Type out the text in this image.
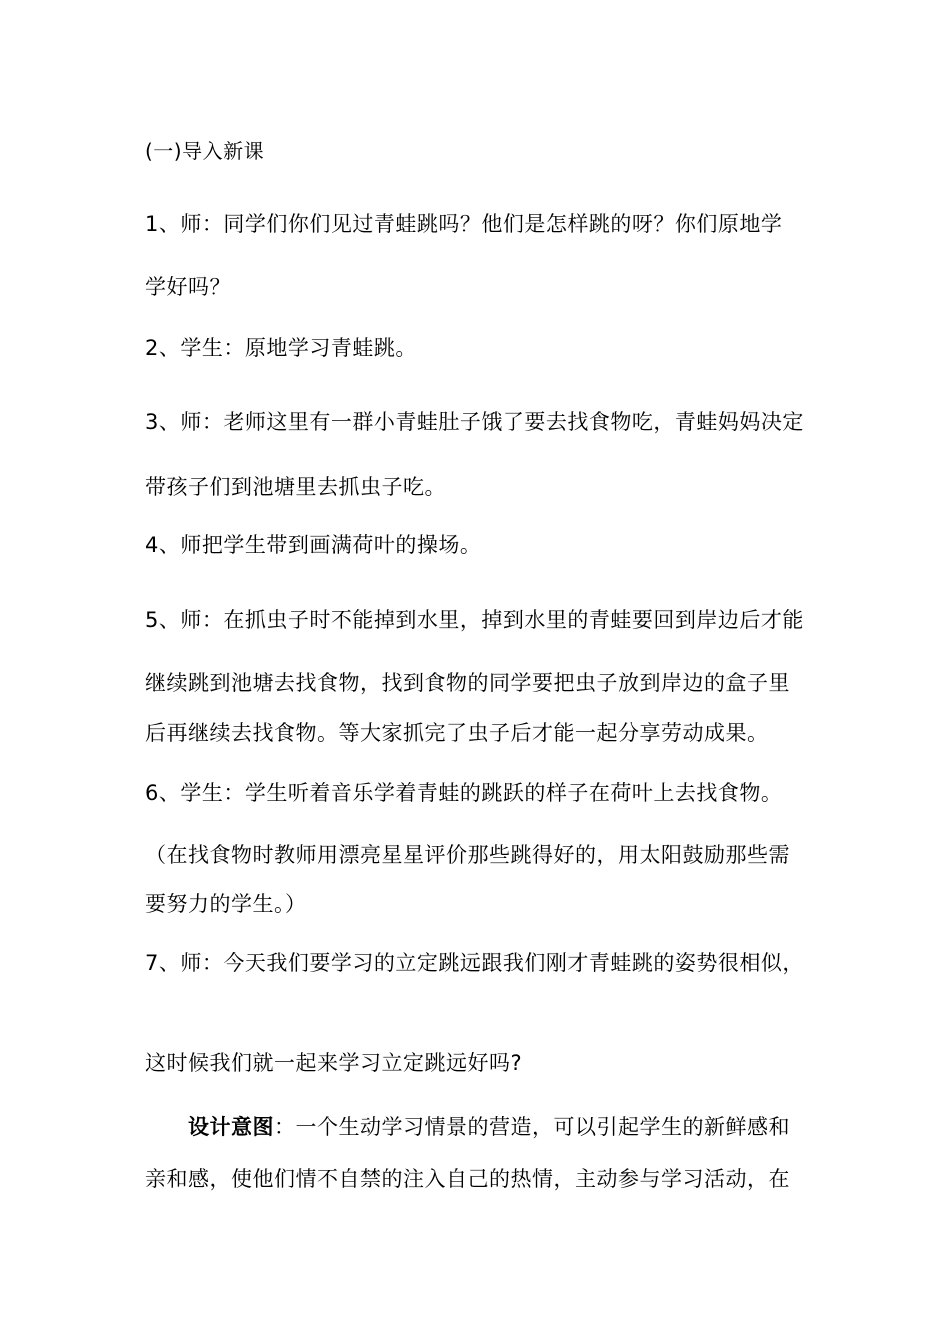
(一)导入新课
1、师：同学们你们见过青蛙跳吗？他们是怎样跳的呀？你们原地学
学好吗？
2、学生：原地学习青蛙跳。
3、师：老师这里有一群小青蛙肚子饿了要去找食物吃，青蛙妈妈决定
带孩子们到池塘里去抓虫子吃。
4、师把学生带到画满荷叶的操场。
5、师：在抓虫子时不能掉到水里，掉到水里的青蛙要回到岸边后才能
继续跳到池塘去找食物，找到食物的同学要把虫子放到岸边的盒子里
后再继续去找食物。等大家抓完了虫子后才能一起分享劳动成果。
6、学生：学生听着音乐学着青蛙的跳跃的样子在荷叶上去找食物。
（在找食物时教师用漂亮星星评价那些跳得好的，用太阳鼓励那些需
要努力的学生。）
7、师：今天我们要学习的立定跳远跟我们刚才青蛙跳的姿势很相似，
这时候我们就一起来学习立定跳远好吗?
设计意图：一个生动学习情景的营造，可以引起学生的新鲜感和
亲和感，使他们情不自禁的注入自己的热情，主动参与学习活动，在
